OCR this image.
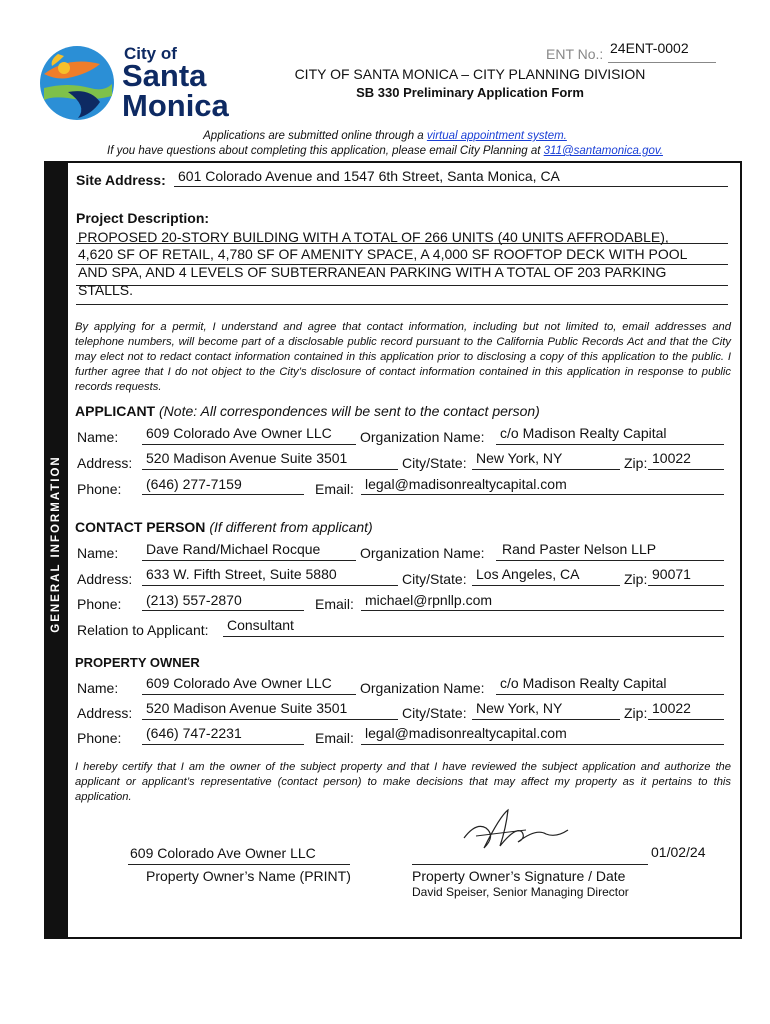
City of
Santa
Monica
ENT No.: 24ENT-0002
CITY OF SANTA MONICA – CITY PLANNING DIVISION
SB 330 Preliminary Application Form
Applications are submitted online through a virtual appointment system.
If you have questions about completing this application, please email City Planning at 311@santamonica.gov.
GENERAL INFORMATION
Site Address: 601 Colorado Avenue and 1547 6th Street, Santa Monica, CA
Project Description:
PROPOSED 20-STORY BUILDING WITH A TOTAL OF 266 UNITS (40 UNITS AFFRODABLE),
4,620 SF OF RETAIL, 4,780 SF OF AMENITY SPACE, A 4,000 SF ROOFTOP DECK WITH POOL
AND SPA, AND 4 LEVELS OF SUBTERRANEAN PARKING WITH A TOTAL OF 203 PARKING
STALLS.
By applying for a permit, I understand and agree that contact information, including but not limited to, email addresses and telephone numbers, will become part of a disclosable public record pursuant to the California Public Records Act and that the City may elect not to redact contact information contained in this application prior to disclosing a copy of this application to the public. I further agree that I do not object to the City’s disclosure of contact information contained in this application in response to public records requests.
APPLICANT (Note: All correspondences will be sent to the contact person)
Name: 609 Colorado Ave Owner LLC Organization Name: c/o Madison Realty Capital
Address: 520 Madison Avenue Suite 3501	City/State: New York, NY	Zip: 10022
Phone: (646) 277-7159	Email: legal@madisonrealtycapital.com
CONTACT PERSON (If different from applicant)
Name: Dave Rand/Michael Rocque	Organization Name: Rand Paster Nelson LLP
Address: 633 W. Fifth Street, Suite 5880	City/State: Los Angeles, CA	Zip: 90071
Phone: (213) 557-2870	Email: michael@rpnllp.com
Relation to Applicant: Consultant
PROPERTY OWNER
Name: 609 Colorado Ave Owner LLC Organization Name: c/o Madison Realty Capital
Address: 520 Madison Avenue Suite 3501	City/State: New York, NY	Zip: 10022
Phone: (646) 747-2231	Email: legal@madisonrealtycapital.com
I hereby certify that I am the owner of the subject property and that I have reviewed the subject application and authorize the applicant or applicant’s representative (contact person) to make decisions that may affect my property as it pertains to this application.
609 Colorado Ave Owner LLC
Property Owner’s Name (PRINT)
01/02/24
Property Owner’s Signature / Date
David Speiser, Senior Managing Director
